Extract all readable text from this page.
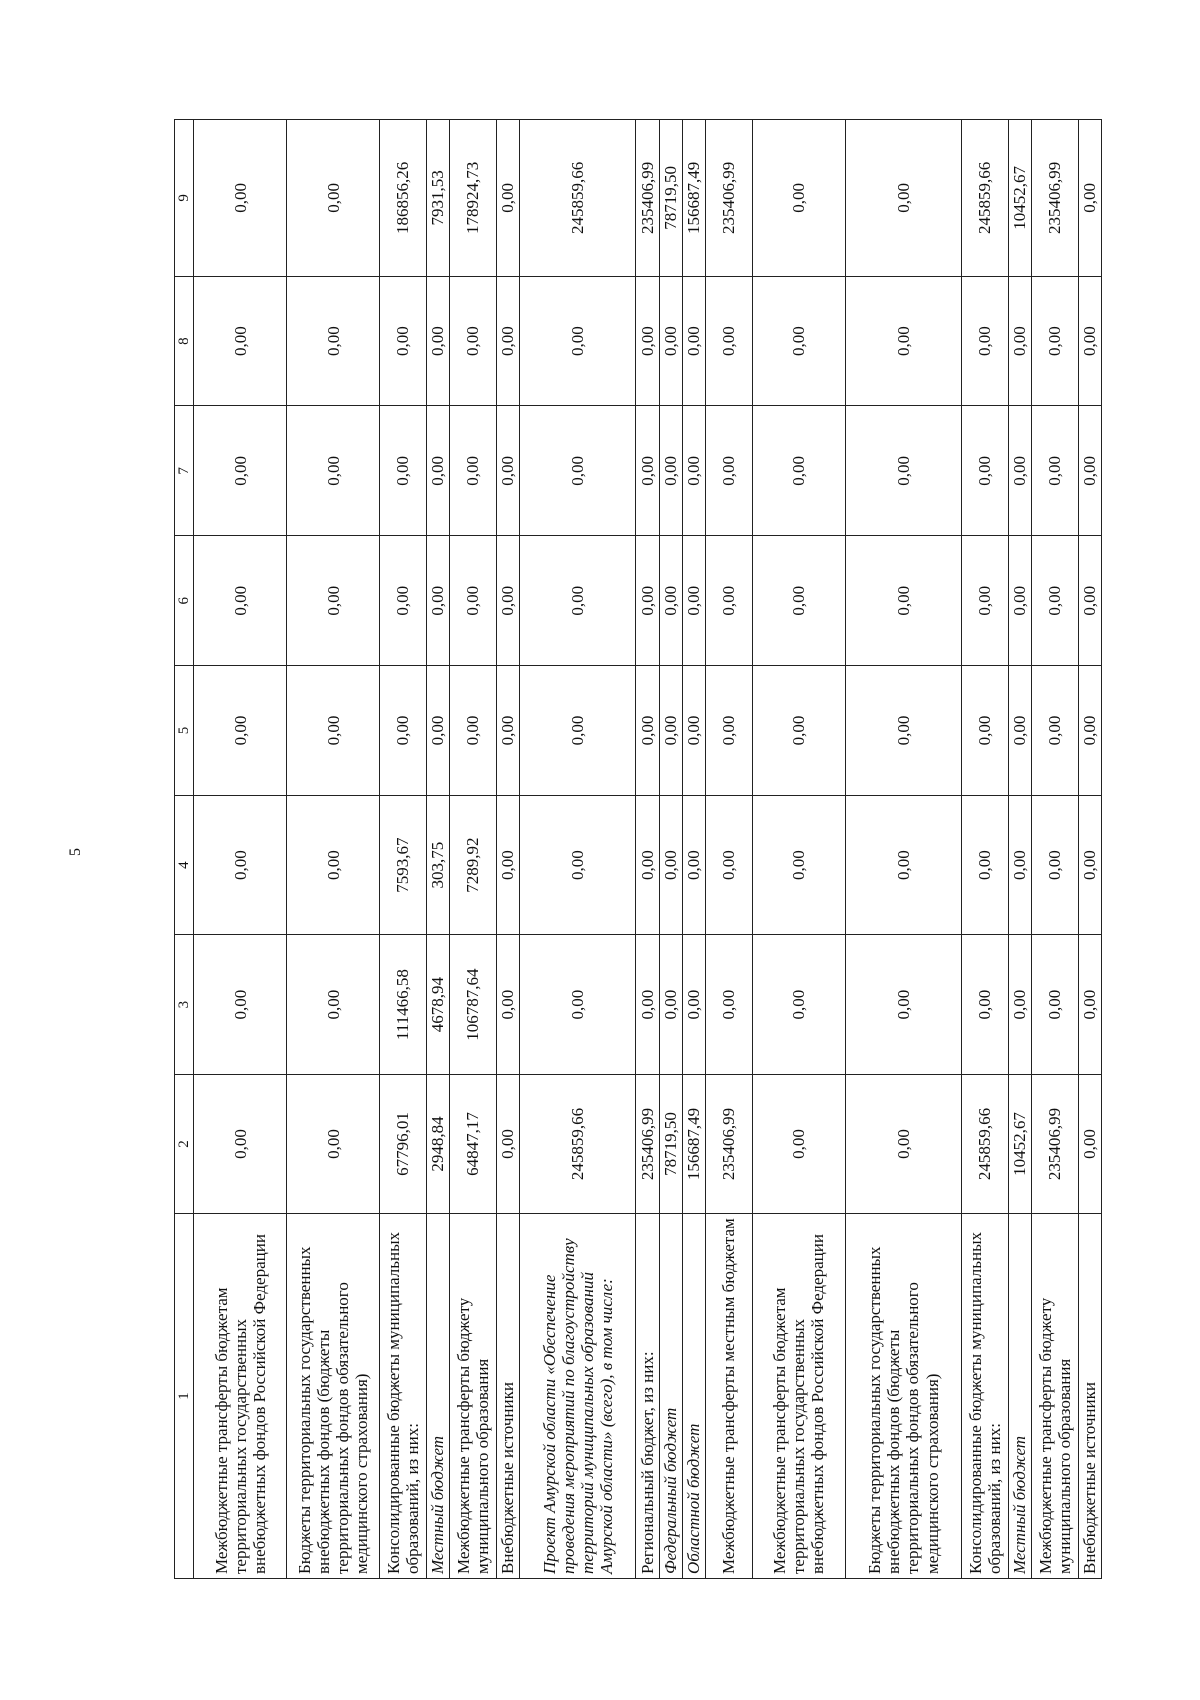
5
1	2	3	4	5	6	7	8	9
Межбюджетные трансферты бюджетам территориальных государственных внебюджетных фондов Российской Федерации	0,00	0,00	0,00	0,00	0,00	0,00	0,00	0,00
Бюджеты территориальных государственных внебюджетных фондов (бюджеты территориальных фондов обязательного медицинского страхования)	0,00	0,00	0,00	0,00	0,00	0,00	0,00	0,00
Консолидированные бюджеты муниципальных образований, из них:	67796,01	111466,58	7593,67	0,00	0,00	0,00	0,00	186856,26
Местный бюджет	2948,84	4678,94	303,75	0,00	0,00	0,00	0,00	7931,53
Межбюджетные трансферты бюджету муниципального образования	64847,17	106787,64	7289,92	0,00	0,00	0,00	0,00	178924,73
Внебюджетные источники	0,00	0,00	0,00	0,00	0,00	0,00	0,00	0,00
Проект Амурской области «Обеспечение проведения мероприятий по благоустройству территорий муниципальных образований Амурской области» (всего), в том числе:	245859,66	0,00	0,00	0,00	0,00	0,00	0,00	245859,66
Региональный бюджет, из них:	235406,99	0,00	0,00	0,00	0,00	0,00	0,00	235406,99
Федеральный бюджет	78719,50	0,00	0,00	0,00	0,00	0,00	0,00	78719,50
Областной бюджет	156687,49	0,00	0,00	0,00	0,00	0,00	0,00	156687,49
Межбюджетные трансферты местным бюджетам	235406,99	0,00	0,00	0,00	0,00	0,00	0,00	235406,99
Межбюджетные трансферты бюджетам территориальных государственных внебюджетных фондов Российской Федерации	0,00	0,00	0,00	0,00	0,00	0,00	0,00	0,00
Бюджеты территориальных государственных внебюджетных фондов (бюджеты территориальных фондов обязательного медицинского страхования)	0,00	0,00	0,00	0,00	0,00	0,00	0,00	0,00
Консолидированные бюджеты муниципальных образований, из них:	245859,66	0,00	0,00	0,00	0,00	0,00	0,00	245859,66
Местный бюджет	10452,67	0,00	0,00	0,00	0,00	0,00	0,00	10452,67
Межбюджетные трансферты бюджету муниципального образования	235406,99	0,00	0,00	0,00	0,00	0,00	0,00	235406,99
Внебюджетные источники	0,00	0,00	0,00	0,00	0,00	0,00	0,00	0,00
